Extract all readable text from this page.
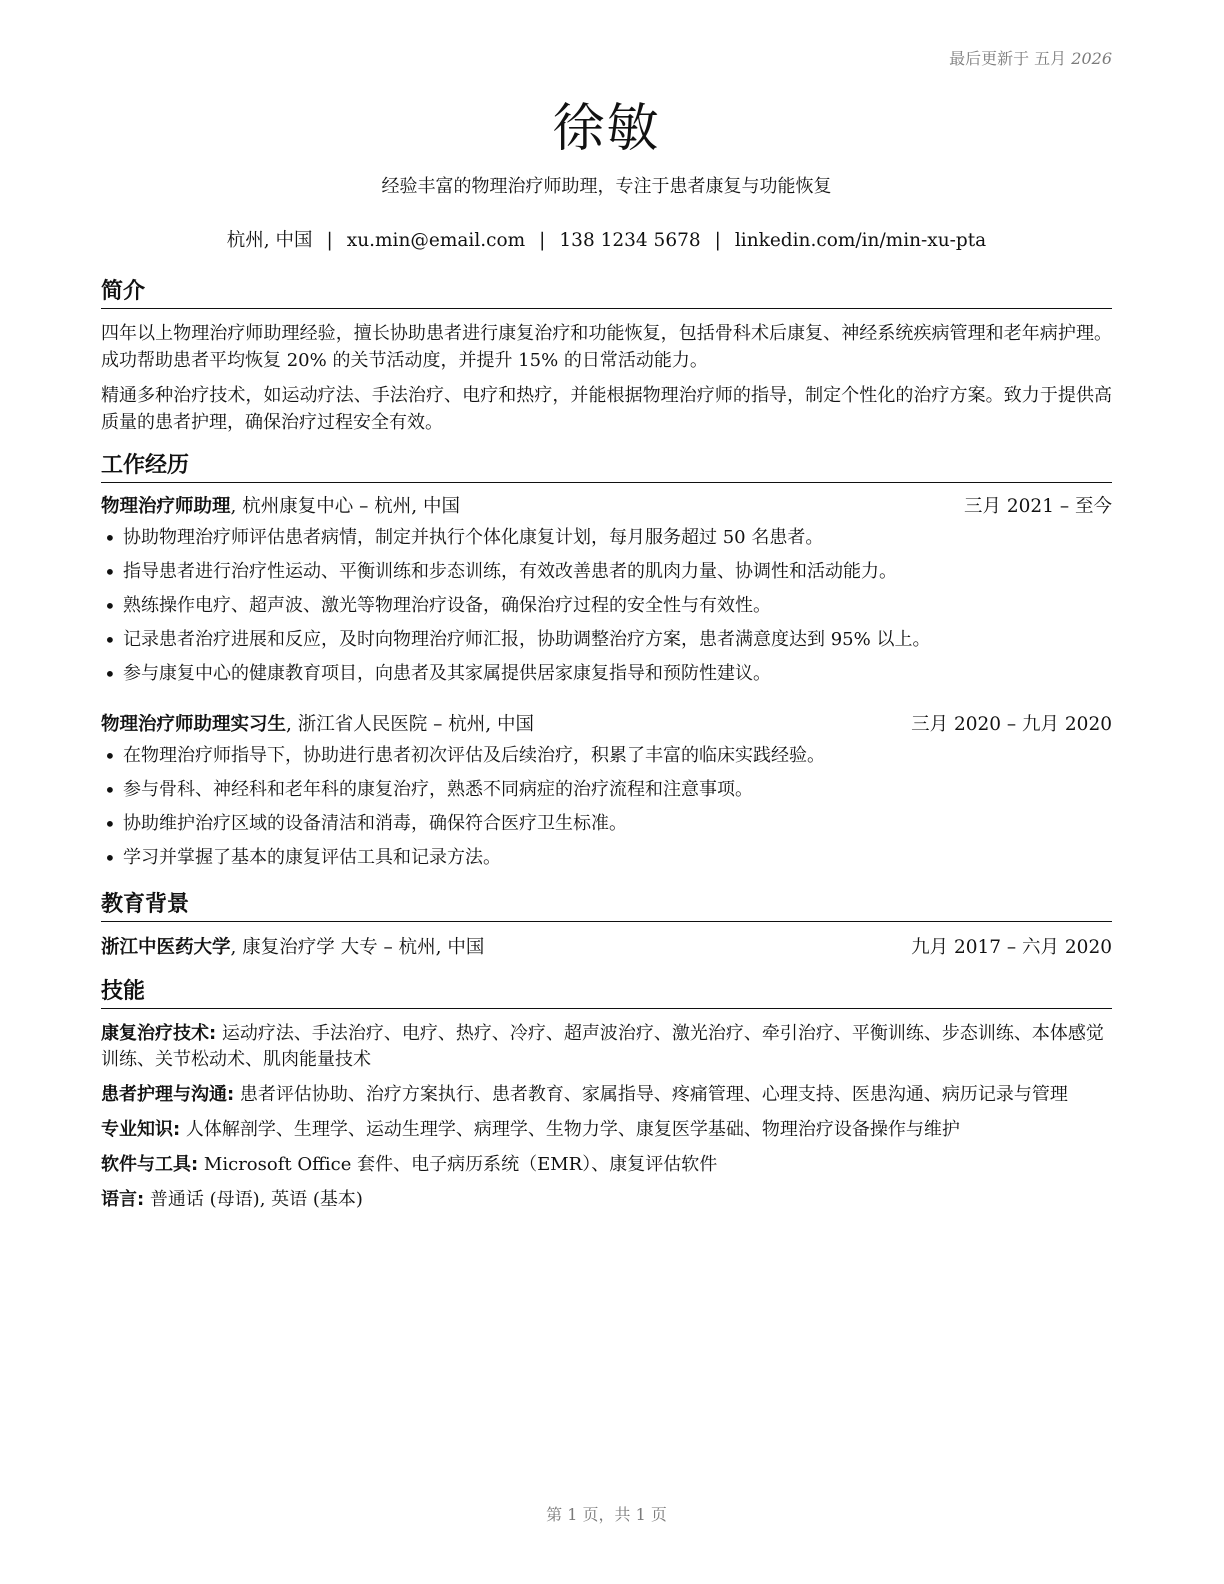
最后更新于 五月 2026
徐敏
经验丰富的物理治疗师助理，专注于患者康复与功能恢复
杭州, 中国 | xu.min@email.com | 138 1234 5678 | linkedin.com/in/min-xu-pta
简介

四年以上物理治疗师助理经验，擅长协助患者进行康复治疗和功能恢复，包括骨科术后康复、神经系统疾病管理和老年病护理。成功帮助患者平均恢复 20% 的关节活动度，并提升 15% 的日常活动能力。

精通多种治疗技术，如运动疗法、手法治疗、电疗和热疗，并能根据物理治疗师的指导，制定个性化的治疗方案。致力于提供高质量的患者护理，确保治疗过程安全有效。

工作经历
物理治疗师助理, 杭州康复中心 – 杭州, 中国	三月 2021 – 至今
• 协助物理治疗师评估患者病情，制定并执行个体化康复计划，每月服务超过 50 名患者。
• 指导患者进行治疗性运动、平衡训练和步态训练，有效改善患者的肌肉力量、协调性和活动能力。
• 熟练操作电疗、超声波、激光等物理治疗设备，确保治疗过程的安全性与有效性。
• 记录患者治疗进展和反应，及时向物理治疗师汇报，协助调整治疗方案，患者满意度达到 95% 以上。
• 参与康复中心的健康教育项目，向患者及其家属提供居家康复指导和预防性建议。
物理治疗师助理实习生, 浙江省人民医院 – 杭州, 中国	三月 2020 – 九月 2020
• 在物理治疗师指导下，协助进行患者初次评估及后续治疗，积累了丰富的临床实践经验。
• 参与骨科、神经科和老年科的康复治疗，熟悉不同病症的治疗流程和注意事项。
• 协助维护治疗区域的设备清洁和消毒，确保符合医疗卫生标准。
• 学习并掌握了基本的康复评估工具和记录方法。
教育背景
浙江中医药大学, 康复治疗学 大专 – 杭州, 中国	九月 2017 – 六月 2020
技能

康复治疗技术: 运动疗法、手法治疗、电疗、热疗、冷疗、超声波治疗、激光治疗、牵引治疗、平衡训练、步态训练、本体感觉训练、关节松动术、肌肉能量技术

患者护理与沟通: 患者评估协助、治疗方案执行、患者教育、家属指导、疼痛管理、心理支持、医患沟通、病历记录与管理

专业知识: 人体解剖学、生理学、运动生理学、病理学、生物力学、康复医学基础、物理治疗设备操作与维护

软件与工具: Microsoft Office 套件、电子病历系统（EMR）、康复评估软件

语言: 普通话 (母语), 英语 (基本)

第 1 页，共 1 页
